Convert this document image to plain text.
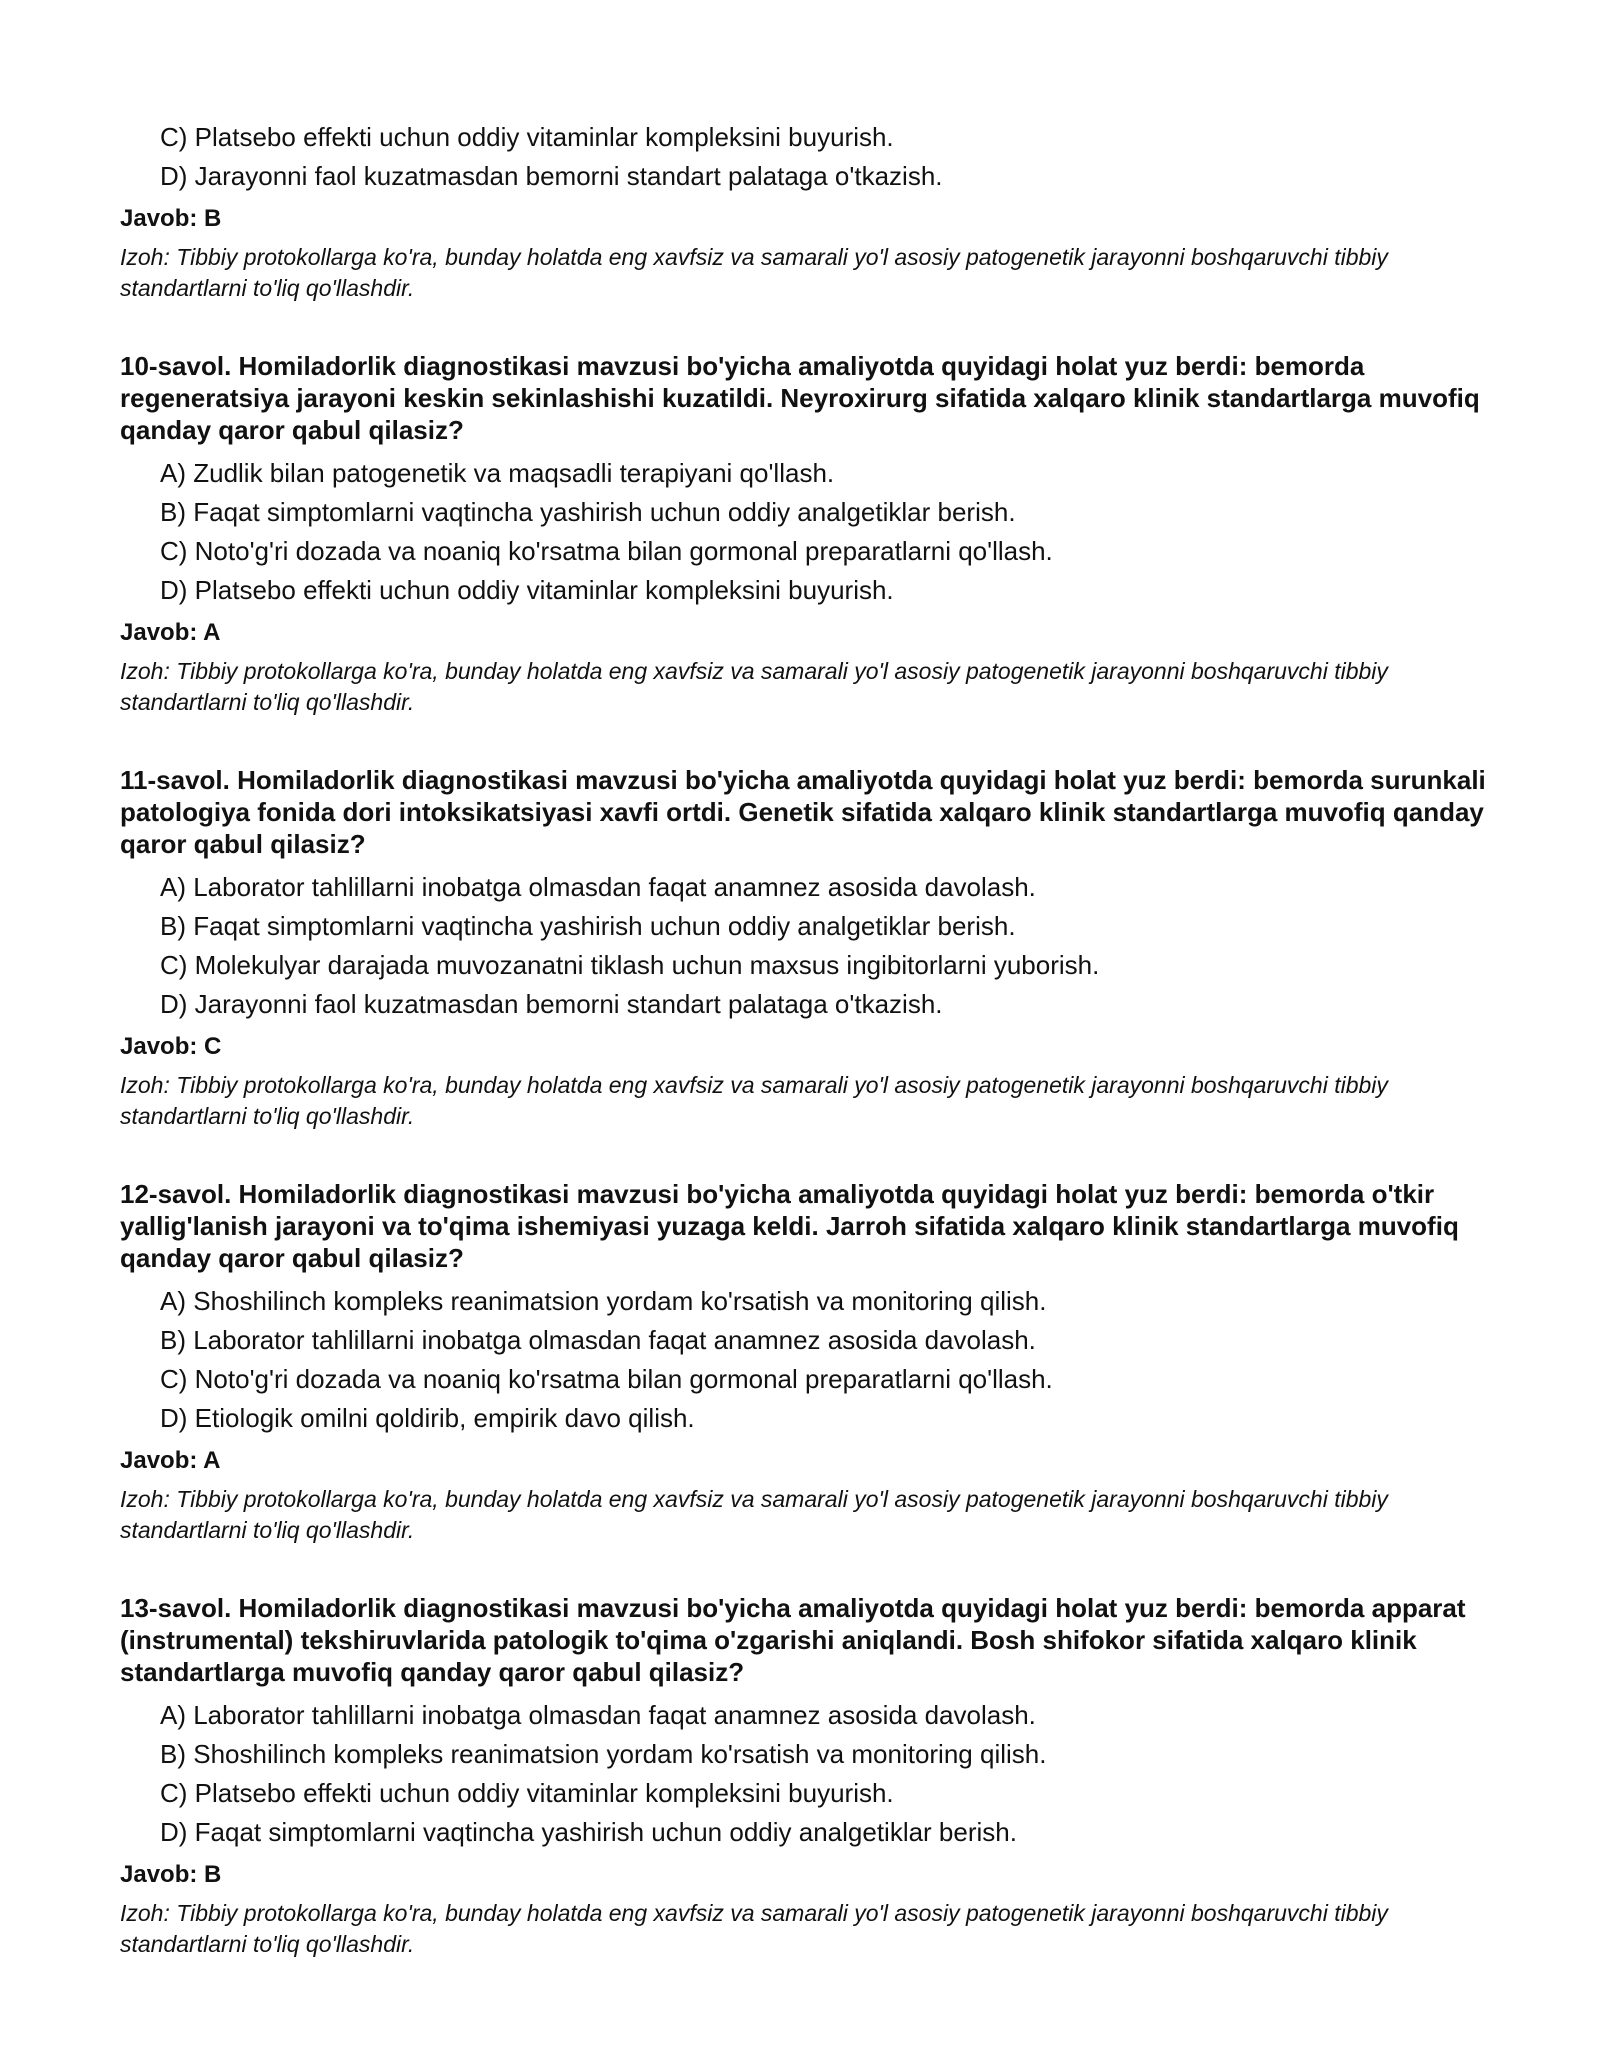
C) Platsebo effekti uchun oddiy vitaminlar kompleksini buyurish.
D) Jarayonni faol kuzatmasdan bemorni standart palataga o'tkazish.
Javob: B
Izoh: Tibbiy protokollarga ko'ra, bunday holatda eng xavfsiz va samarali yo'l asosiy patogenetik jarayonni boshqaruvchi tibbiy standartlarni to'liq qo'llashdir.
10-savol. Homiladorlik diagnostikasi mavzusi bo'yicha amaliyotda quyidagi holat yuz berdi: bemorda regeneratsiya jarayoni keskin sekinlashishi kuzatildi. Neyroxirurg sifatida xalqaro klinik standartlarga muvofiq qanday qaror qabul qilasiz?
A) Zudlik bilan patogenetik va maqsadli terapiyani qo'llash.
B) Faqat simptomlarni vaqtincha yashirish uchun oddiy analgetiklar berish.
C) Noto'g'ri dozada va noaniq ko'rsatma bilan gormonal preparatlarni qo'llash.
D) Platsebo effekti uchun oddiy vitaminlar kompleksini buyurish.
Javob: A
Izoh: Tibbiy protokollarga ko'ra, bunday holatda eng xavfsiz va samarali yo'l asosiy patogenetik jarayonni boshqaruvchi tibbiy standartlarni to'liq qo'llashdir.
11-savol. Homiladorlik diagnostikasi mavzusi bo'yicha amaliyotda quyidagi holat yuz berdi: bemorda surunkali patologiya fonida dori intoksikatsiyasi xavfi ortdi. Genetik sifatida xalqaro klinik standartlarga muvofiq qanday qaror qabul qilasiz?
A) Laborator tahlillarni inobatga olmasdan faqat anamnez asosida davolash.
B) Faqat simptomlarni vaqtincha yashirish uchun oddiy analgetiklar berish.
C) Molekulyar darajada muvozanatni tiklash uchun maxsus ingibitorlarni yuborish.
D) Jarayonni faol kuzatmasdan bemorni standart palataga o'tkazish.
Javob: C
Izoh: Tibbiy protokollarga ko'ra, bunday holatda eng xavfsiz va samarali yo'l asosiy patogenetik jarayonni boshqaruvchi tibbiy standartlarni to'liq qo'llashdir.
12-savol. Homiladorlik diagnostikasi mavzusi bo'yicha amaliyotda quyidagi holat yuz berdi: bemorda o'tkir yallig'lanish jarayoni va to'qima ishemiyasi yuzaga keldi. Jarroh sifatida xalqaro klinik standartlarga muvofiq qanday qaror qabul qilasiz?
A) Shoshilinch kompleks reanimatsion yordam ko'rsatish va monitoring qilish.
B) Laborator tahlillarni inobatga olmasdan faqat anamnez asosida davolash.
C) Noto'g'ri dozada va noaniq ko'rsatma bilan gormonal preparatlarni qo'llash.
D) Etiologik omilni qoldirib, empirik davo qilish.
Javob: A
Izoh: Tibbiy protokollarga ko'ra, bunday holatda eng xavfsiz va samarali yo'l asosiy patogenetik jarayonni boshqaruvchi tibbiy standartlarni to'liq qo'llashdir.
13-savol. Homiladorlik diagnostikasi mavzusi bo'yicha amaliyotda quyidagi holat yuz berdi: bemorda apparat (instrumental) tekshiruvlarida patologik to'qima o'zgarishi aniqlandi. Bosh shifokor sifatida xalqaro klinik standartlarga muvofiq qanday qaror qabul qilasiz?
A) Laborator tahlillarni inobatga olmasdan faqat anamnez asosida davolash.
B) Shoshilinch kompleks reanimatsion yordam ko'rsatish va monitoring qilish.
C) Platsebo effekti uchun oddiy vitaminlar kompleksini buyurish.
D) Faqat simptomlarni vaqtincha yashirish uchun oddiy analgetiklar berish.
Javob: B
Izoh: Tibbiy protokollarga ko'ra, bunday holatda eng xavfsiz va samarali yo'l asosiy patogenetik jarayonni boshqaruvchi tibbiy standartlarni to'liq qo'llashdir.
